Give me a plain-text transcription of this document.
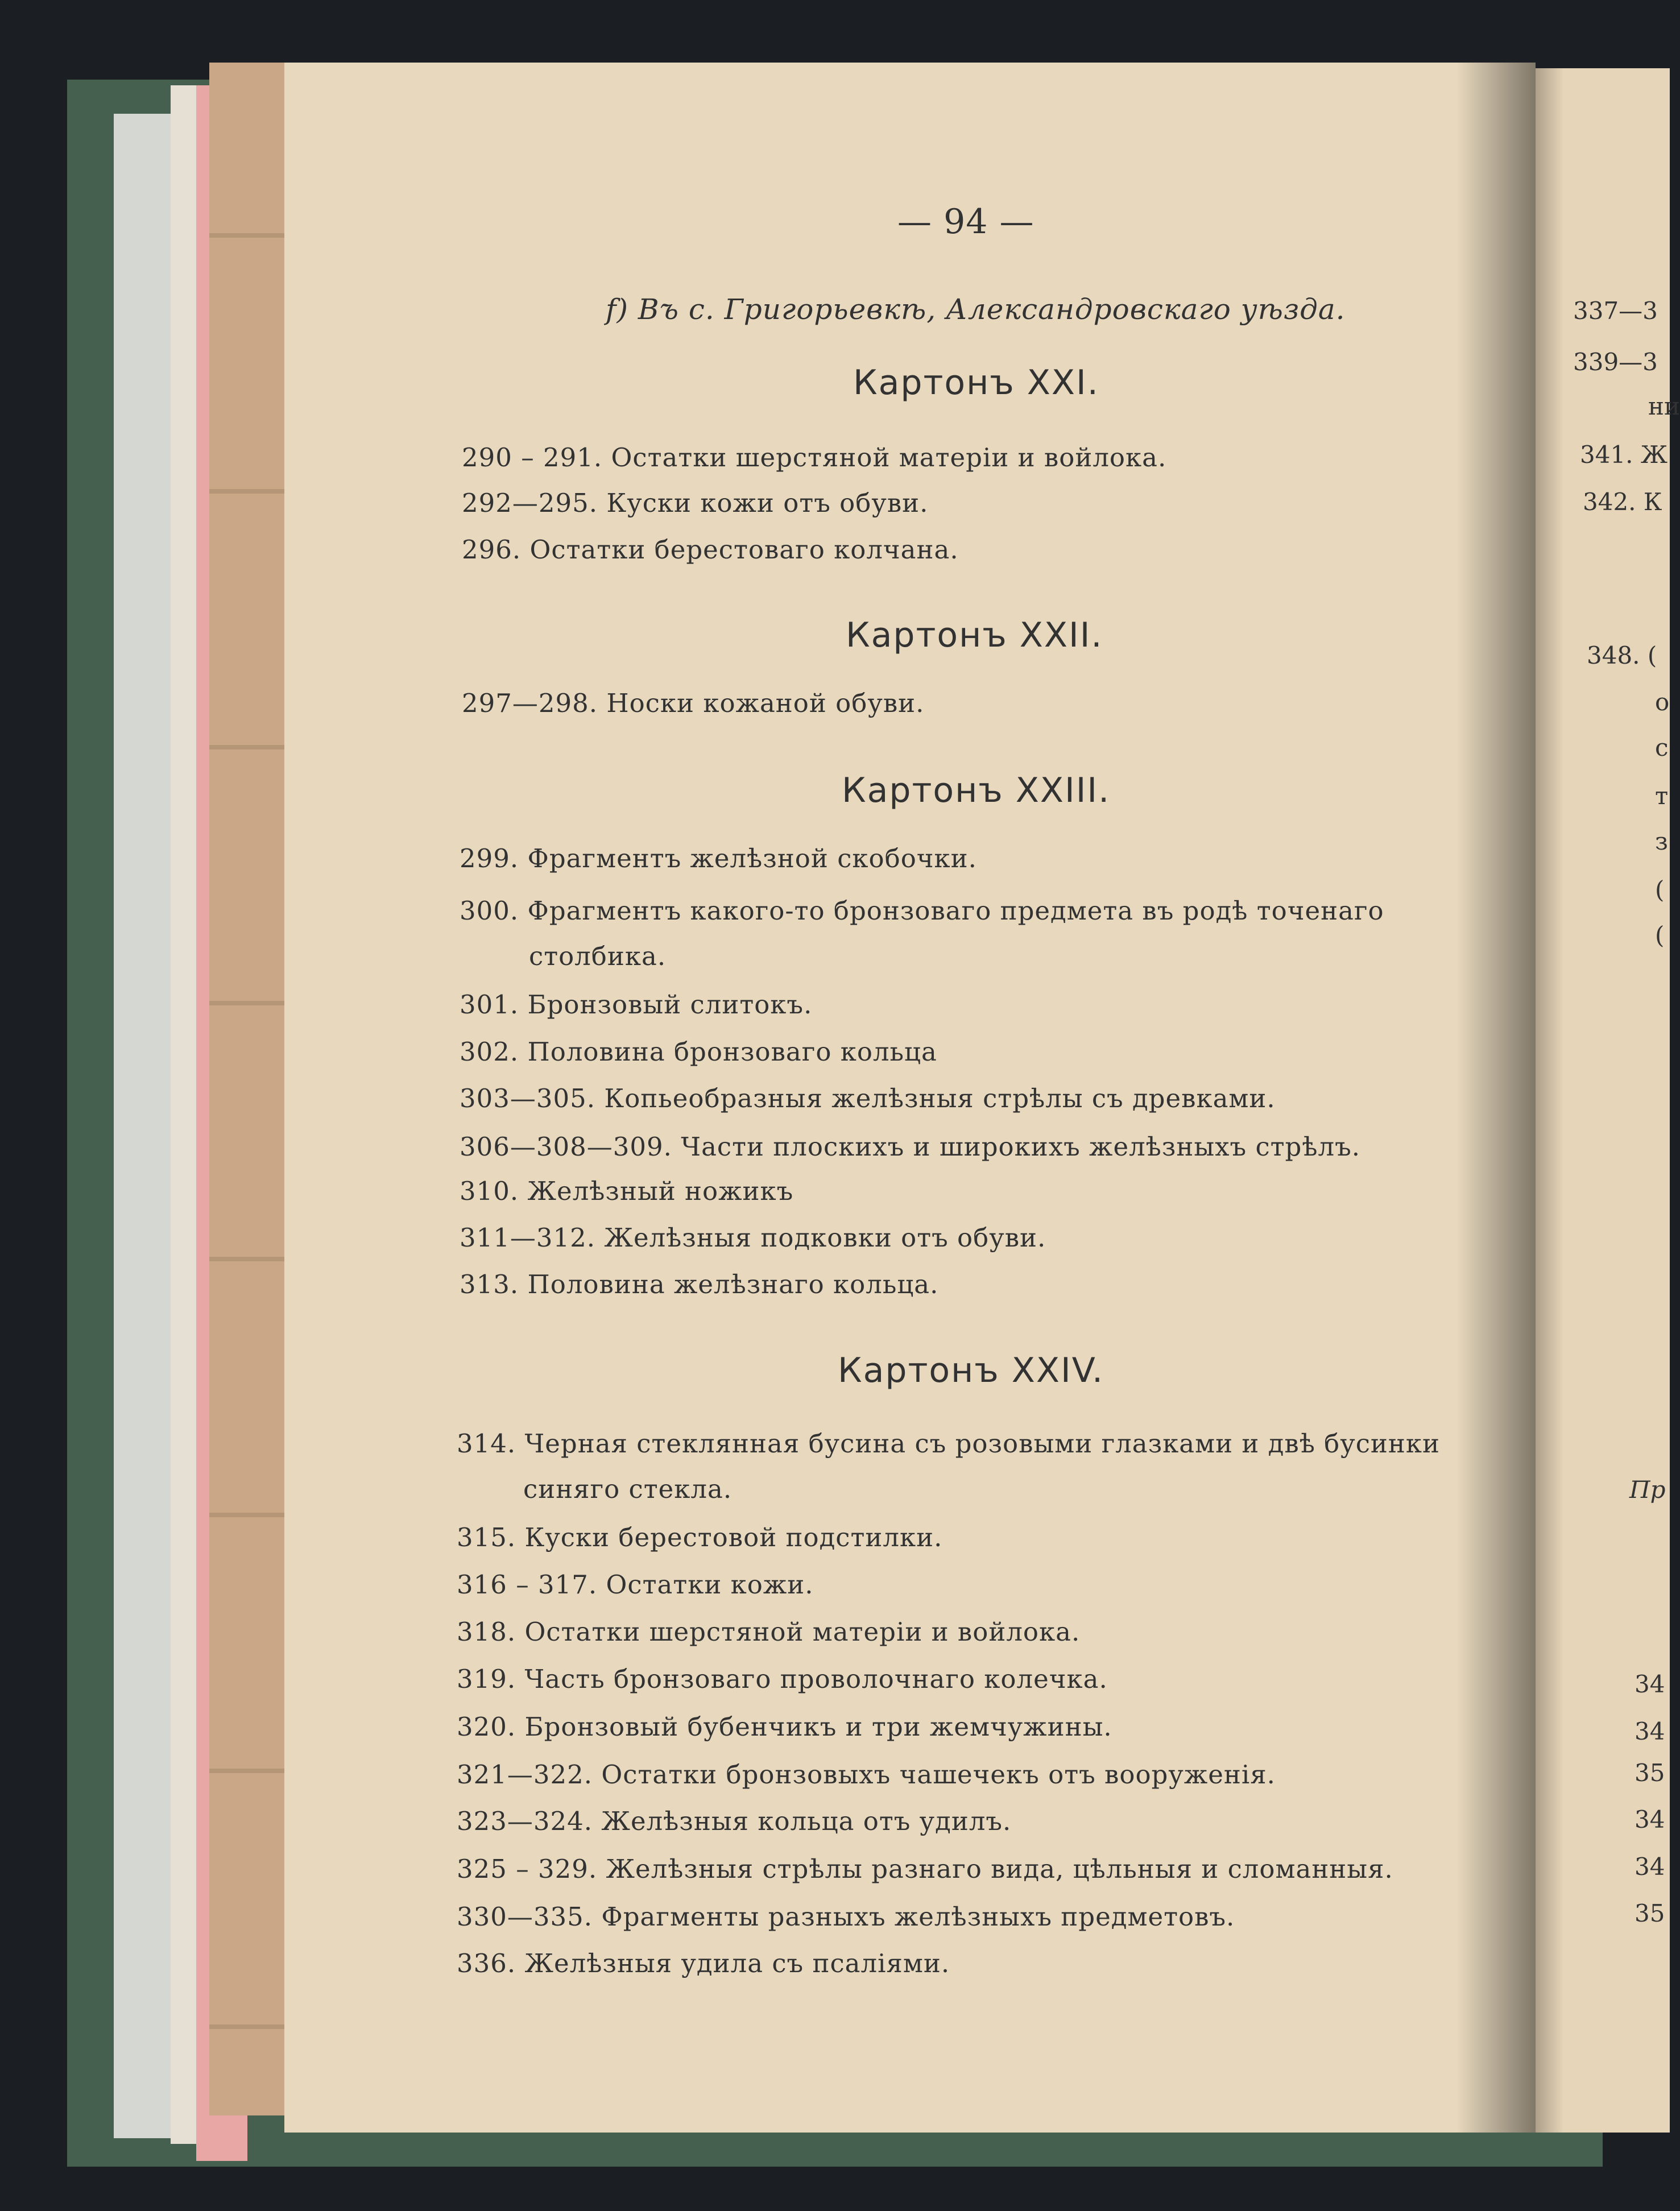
— 94 —
f) Въ с. Григорьевкѣ, Александровскаго уѣзда.
Картонъ XXI.
290 – 291. Остатки шерстяной матеріи и войлока.
292—295. Куски кожи отъ обуви.
296. Остатки берестоваго колчана.
Картонъ XXII.
297—298. Носки кожаной обуви.
Картонъ XXIII.
299. Фрагментъ желѣзной скобочки.
300. Фрагментъ какого-то бронзоваго предмета въ родѣ точенаго
столбика.
301. Бронзовый слитокъ.
302. Половина бронзоваго кольца
303—305. Копьеобразныя желѣзныя стрѣлы съ древками.
306—308—309. Части плоскихъ и широкихъ желѣзныхъ стрѣлъ.
310. Желѣзный ножикъ
311—312. Желѣзныя подковки отъ обуви.
313. Половина желѣзнаго кольца.
Картонъ XXIV.
314. Черная стеклянная бусина съ розовыми глазками и двѣ бусинки
синяго стекла.
315. Куски берестовой подстилки.
316 – 317. Остатки кожи.
318. Остатки шерстяной матеріи и войлока.
319. Часть бронзоваго проволочнаго колечка.
320. Бронзовый бубенчикъ и три жемчужины.
321—322. Остатки бронзовыхъ чашечекъ отъ вооруженія.
323—324. Желѣзныя кольца отъ удилъ.
325 – 329. Желѣзныя стрѣлы разнаго вида, цѣльныя и сломанныя.
330—335. Фрагменты разныхъ желѣзныхъ предметовъ.
336. Желѣзныя удила съ псаліями.
337—3
339—3
ни
341. Ж
342. К
348. (
о
с
т
з
(
(
Пр
34
34
35
34
34
35
